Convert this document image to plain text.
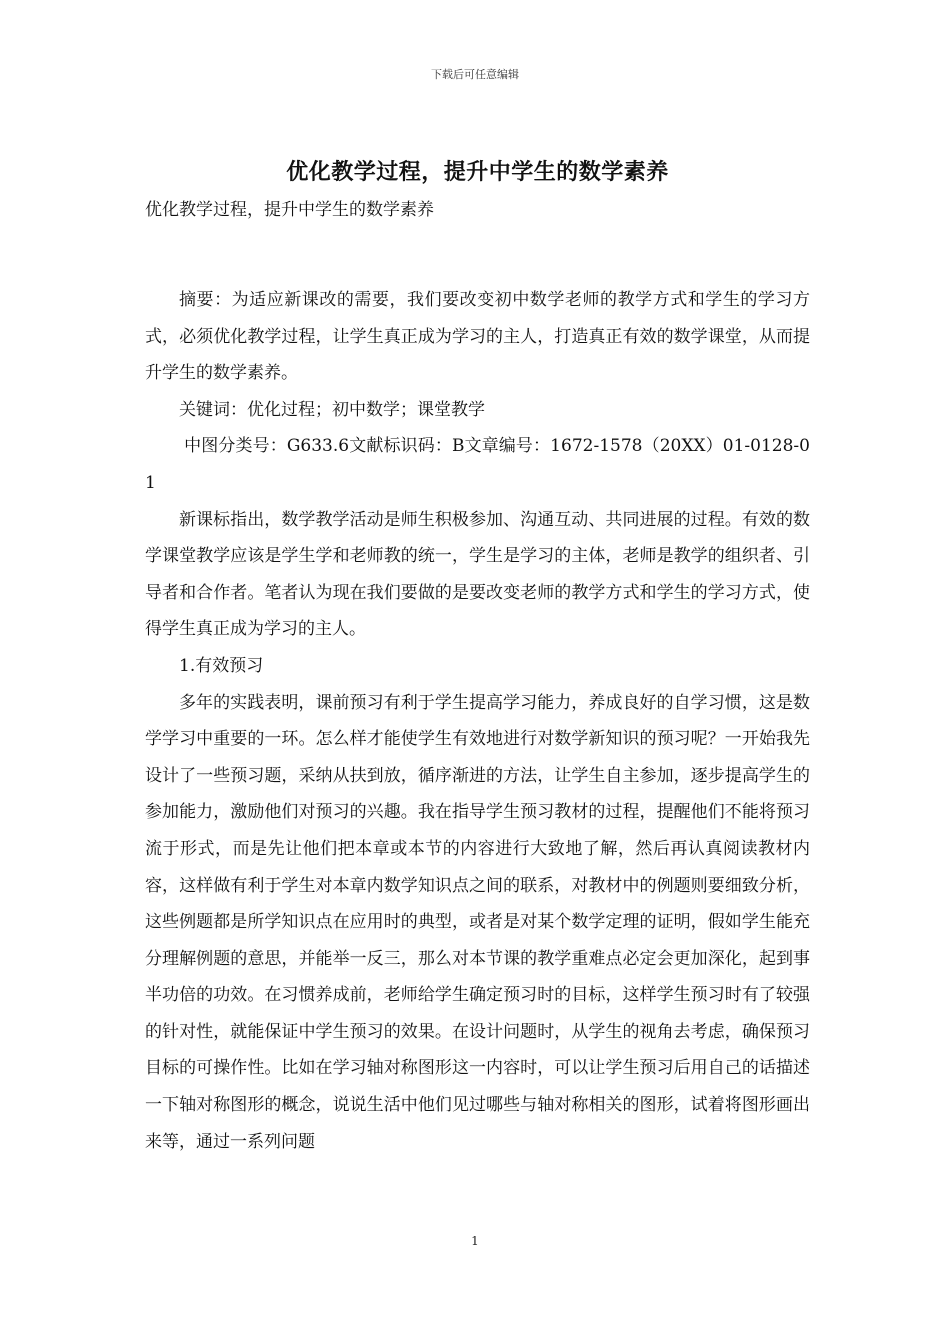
下载后可任意编辑
优化教学过程，提升中学生的数学素养
优化教学过程，提升中学生的数学素养

摘要：为适应新课改的需要，我们要改变初中数学老师的教学方式和学生的学习方式，必须优化教学过程，让学生真正成为学习的主人，打造真正有效的数学课堂，从而提升学生的数学素养。

关键词：优化过程；初中数学；课堂教学

中图分类号：G633.6文献标识码：B文章编号：1672-1578（20XX）01-0128-01

新课标指出，数学教学活动是师生积极参加、沟通互动、共同进展的过程。有效的数学课堂教学应该是学生学和老师教的统一，学生是学习的主体，老师是教学的组织者、引导者和合作者。笔者认为现在我们要做的是要改变老师的教学方式和学生的学习方式，使得学生真正成为学习的主人。

1.有效预习

多年的实践表明，课前预习有利于学生提高学习能力，养成良好的自学习惯，这是数学学习中重要的一环。怎么样才能使学生有效地进行对数学新知识的预习呢？一开始我先设计了一些预习题，采纳从扶到放，循序渐进的方法，让学生自主参加，逐步提高学生的参加能力，激励他们对预习的兴趣。我在指导学生预习教材的过程，提醒他们不能将预习流于形式，而是先让他们把本章或本节的内容进行大致地了解，然后再认真阅读教材内容，这样做有利于学生对本章内数学知识点之间的联系，对教材中的例题则要细致分析，这些例题都是所学知识点在应用时的典型，或者是对某个数学定理的证明，假如学生能充分理解例题的意思，并能举一反三，那么对本节课的教学重难点必定会更加深化，起到事半功倍的功效。在习惯养成前，老师给学生确定预习时的目标，这样学生预习时有了较强的针对性，就能保证中学生预习的效果。在设计问题时，从学生的视角去考虑，确保预习目标的可操作性。比如在学习轴对称图形这一内容时，可以让学生预习后用自己的话描述一下轴对称图形的概念，说说生活中他们见过哪些与轴对称相关的图形，试着将图形画出来等，通过一系列问题

1
